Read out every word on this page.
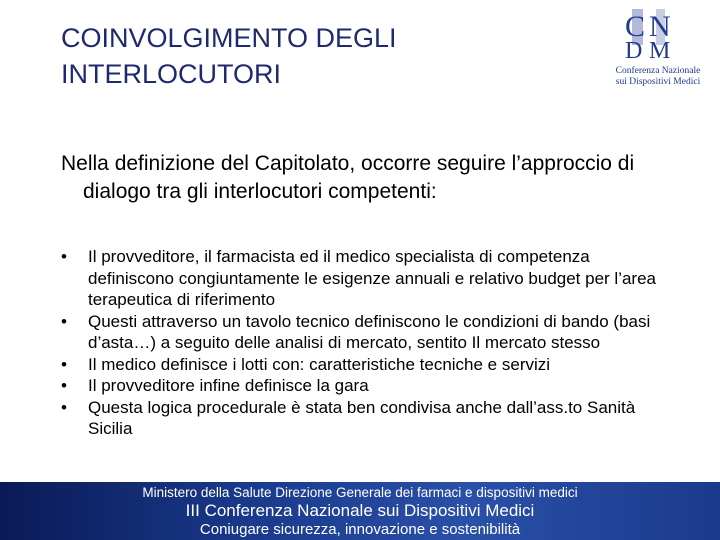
COINVOLGIMENTO DEGLI
INTERLOCUTORI
C N
D M
Conferenza Nazionale
sui Dispositivi Medici
Nella definizione del Capitolato, occorre seguire l’approccio di dialogo tra gli interlocutori competenti:
• Il provveditore, il farmacista ed il medico specialista di competenza definiscono congiuntamente le esigenze annuali e relativo budget per l’area terapeutica di riferimento
• Questi attraverso un tavolo tecnico definiscono le condizioni di bando (basi d’asta…) a seguito delle analisi di mercato, sentito Il mercato stesso
• Il medico definisce i lotti con: caratteristiche tecniche e servizi
• Il provveditore infine definisce la gara
• Questa logica procedurale è stata ben condivisa anche dall’ass.to Sanità Sicilia
Ministero della Salute Direzione Generale dei farmaci e dispositivi medici
III Conferenza Nazionale sui Dispositivi Medici
Coniugare sicurezza, innovazione e sostenibilità
